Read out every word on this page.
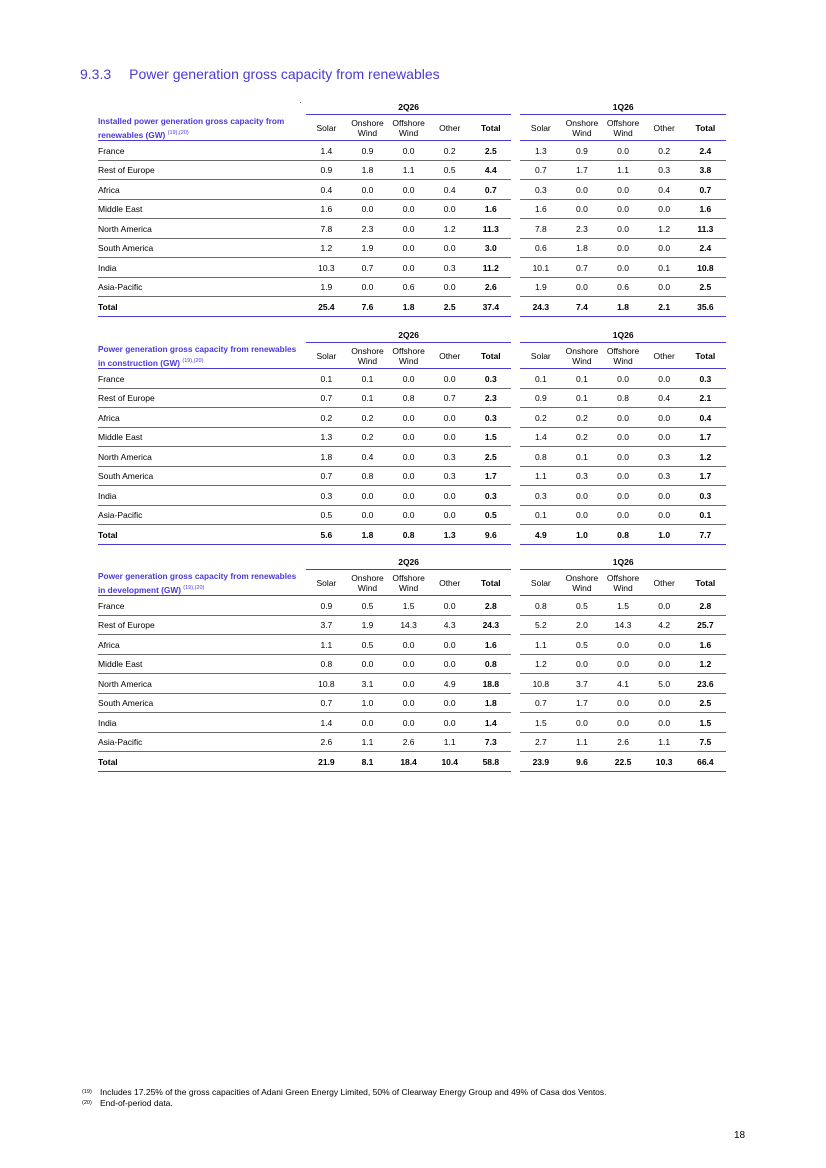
9.3.3 Power generation gross capacity from renewables
·
		2Q26						1Q26				
Installed power generation gross capacity from renewables (GW) $^{(19),(20)}$	Solar	Onshore
Wind	Offshore
Wind	Other	Total		Solar	Onshore
Wind	Offshore
Wind	Other	Total
France	1.4	0.9	0.0	0.2	2.5		1.3	0.9	0.0	0.2	2.4
Rest of Europe	0.9	1.8	1.1	0.5	4.4		0.7	1.7	1.1	0.3	3.8
Africa	0.4	0.0	0.0	0.4	0.7		0.3	0.0	0.0	0.4	0.7
Middle East	1.6	0.0	0.0	0.0	1.6		1.6	0.0	0.0	0.0	1.6
North America	7.8	2.3	0.0	1.2	11.3		7.8	2.3	0.0	1.2	11.3
South America	1.2	1.9	0.0	0.0	3.0		0.6	1.8	0.0	0.0	2.4
India	10.3	0.7	0.0	0.3	11.2		10.1	0.7	0.0	0.1	10.8
Asia-Pacific	1.9	0.0	0.6	0.0	2.6		1.9	0.0	0.6	0.0	2.5
Total	25.4	7.6	1.8	2.5	37.4		24.3	7.4	1.8	2.1	35.6
	2Q26						1Q26				
Power generation gross capacity from renewables in construction (GW) $^{(19),(20)}$	Solar	Onshore
Wind	Offshore
Wind	Other	Total		Solar	Onshore
Wind	Offshore
Wind	Other	Total
France	0.1	0.1	0.0	0.0	0.3		0.1	0.1	0.0	0.0	0.3
Rest of Europe	0.7	0.1	0.8	0.7	2.3		0.9	0.1	0.8	0.4	2.1
Africa	0.2	0.2	0.0	0.0	0.3		0.2	0.2	0.0	0.0	0.4
Middle East	1.3	0.2	0.0	0.0	1.5		1.4	0.2	0.0	0.0	1.7
North America	1.8	0.4	0.0	0.3	2.5		0.8	0.1	0.0	0.3	1.2
South America	0.7	0.8	0.0	0.3	1.7		1.1	0.3	0.0	0.3	1.7
India	0.3	0.0	0.0	0.0	0.3		0.3	0.0	0.0	0.0	0.3
Asia-Pacific	0.5	0.0	0.0	0.0	0.5		0.1	0.0	0.0	0.0	0.1
Total	5.6	1.8	0.8	1.3	9.6		4.9	1.0	0.8	1.0	7.7
	2Q26						1Q26				
Power generation gross capacity from renewables in development (GW) $^{(19),(20)}$	Solar	Onshore
Wind	Offshore
Wind	Other	Total		Solar	Onshore
Wind	Offshore
Wind	Other	Total
France	0.9	0.5	1.5	0.0	2.8		0.8	0.5	1.5	0.0	2.8
Rest of Europe	3.7	1.9	14.3	4.3	24.3		5.2	2.0	14.3	4.2	25.7
Africa	1.1	0.5	0.0	0.0	1.6		1.1	0.5	0.0	0.0	1.6
Middle East	0.8	0.0	0.0	0.0	0.8		1.2	0.0	0.0	0.0	1.2
North America	10.8	3.1	0.0	4.9	18.8		10.8	3.7	4.1	5.0	23.6
South America	0.7	1.0	0.0	0.0	1.8		0.7	1.7	0.0	0.0	2.5
India	1.4	0.0	0.0	0.0	1.4		1.5	0.0	0.0	0.0	1.5
Asia-Pacific	2.6	1.1	2.6	1.1	7.3		2.7	1.1	2.6	1.1	7.5
Total	21.9	8.1	18.4	10.4	58.8		23.9	9.6	22.5	10.3	66.4
$^{(19)}$ Includes 17.25% of the gross capacities of Adani Green Energy Limited, 50% of Clearway Energy Group and 49% of Casa dos Ventos.
$^{(20)}$ End-of-period data.
18
